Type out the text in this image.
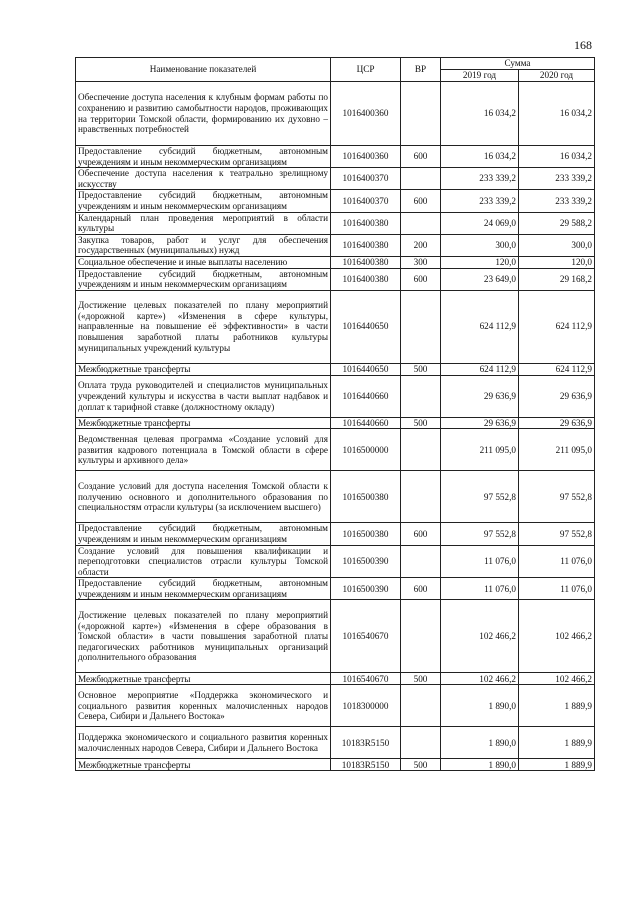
168
Наименование показателей	ЦСР	ВР	Сумма	
			2019 год	2020 год
Обеспечение доступа населения к клубным формам работы по сохранению и развитию самобытности народов, проживающих на территории Томской области, формированию их духовно – нравственных потребностей	1016400360		16 034,2	16 034,2
Предоставление субсидий бюджетным, автономным учреждениям и иным некоммерческим организациям	1016400360	600	16 034,2	16 034,2
Обеспечение доступа населения к театрально зрелищному искусству	1016400370		233 339,2	233 339,2
Предоставление субсидий бюджетным, автономным учреждениям и иным некоммерческим организациям	1016400370	600	233 339,2	233 339,2
Календарный план проведения мероприятий в области культуры	1016400380		24 069,0	29 588,2
Закупка товаров, работ и услуг для обеспечения государственных (муниципальных) нужд	1016400380	200	300,0	300,0
Социальное обеспечение и иные выплаты населению	1016400380	300	120,0	120,0
Предоставление субсидий бюджетным, автономным учреждениям и иным некоммерческим организациям	1016400380	600	23 649,0	29 168,2
Достижение целевых показателей по плану мероприятий («дорожной карте») «Изменения в сфере культуры, направленные на повышение её эффективности» в части повышения заработной платы работников культуры муниципальных учреждений культуры	1016440650		624 112,9	624 112,9
Межбюджетные трансферты	1016440650	500	624 112,9	624 112,9
Оплата труда руководителей и специалистов муниципальных учреждений культуры и искусства в части выплат надбавок и доплат к тарифной ставке (должностному окладу)	1016440660		29 636,9	29 636,9
Межбюджетные трансферты	1016440660	500	29 636,9	29 636,9
Ведомственная целевая программа «Создание условий для развития кадрового потенциала в Томской области в сфере культуры и архивного дела»	1016500000		211 095,0	211 095,0
Создание условий для доступа населения Томской области к получению основного и дополнительного образования по специальностям отрасли культуры (за исключением высшего)	1016500380		97 552,8	97 552,8
Предоставление субсидий бюджетным, автономным учреждениям и иным некоммерческим организациям	1016500380	600	97 552,8	97 552,8
Создание условий для повышения квалификации и переподготовки специалистов отрасли культуры Томской области	1016500390		11 076,0	11 076,0
Предоставление субсидий бюджетным, автономным учреждениям и иным некоммерческим организациям	1016500390	600	11 076,0	11 076,0
Достижение целевых показателей по плану мероприятий («дорожной карте») «Изменения в сфере образования в Томской области» в части повышения заработной платы педагогических работников муниципальных организаций дополнительного образования	1016540670		102 466,2	102 466,2
Межбюджетные трансферты	1016540670	500	102 466,2	102 466,2
Основное мероприятие «Поддержка экономического и социального развития коренных малочисленных народов Севера, Сибири и Дальнего Востока»	1018300000		1 890,0	1 889,9
Поддержка экономического и социального развития коренных малочисленных народов Севера, Сибири и Дальнего Востока	10183R5150		1 890,0	1 889,9
Межбюджетные трансферты	10183R5150	500	1 890,0	1 889,9
